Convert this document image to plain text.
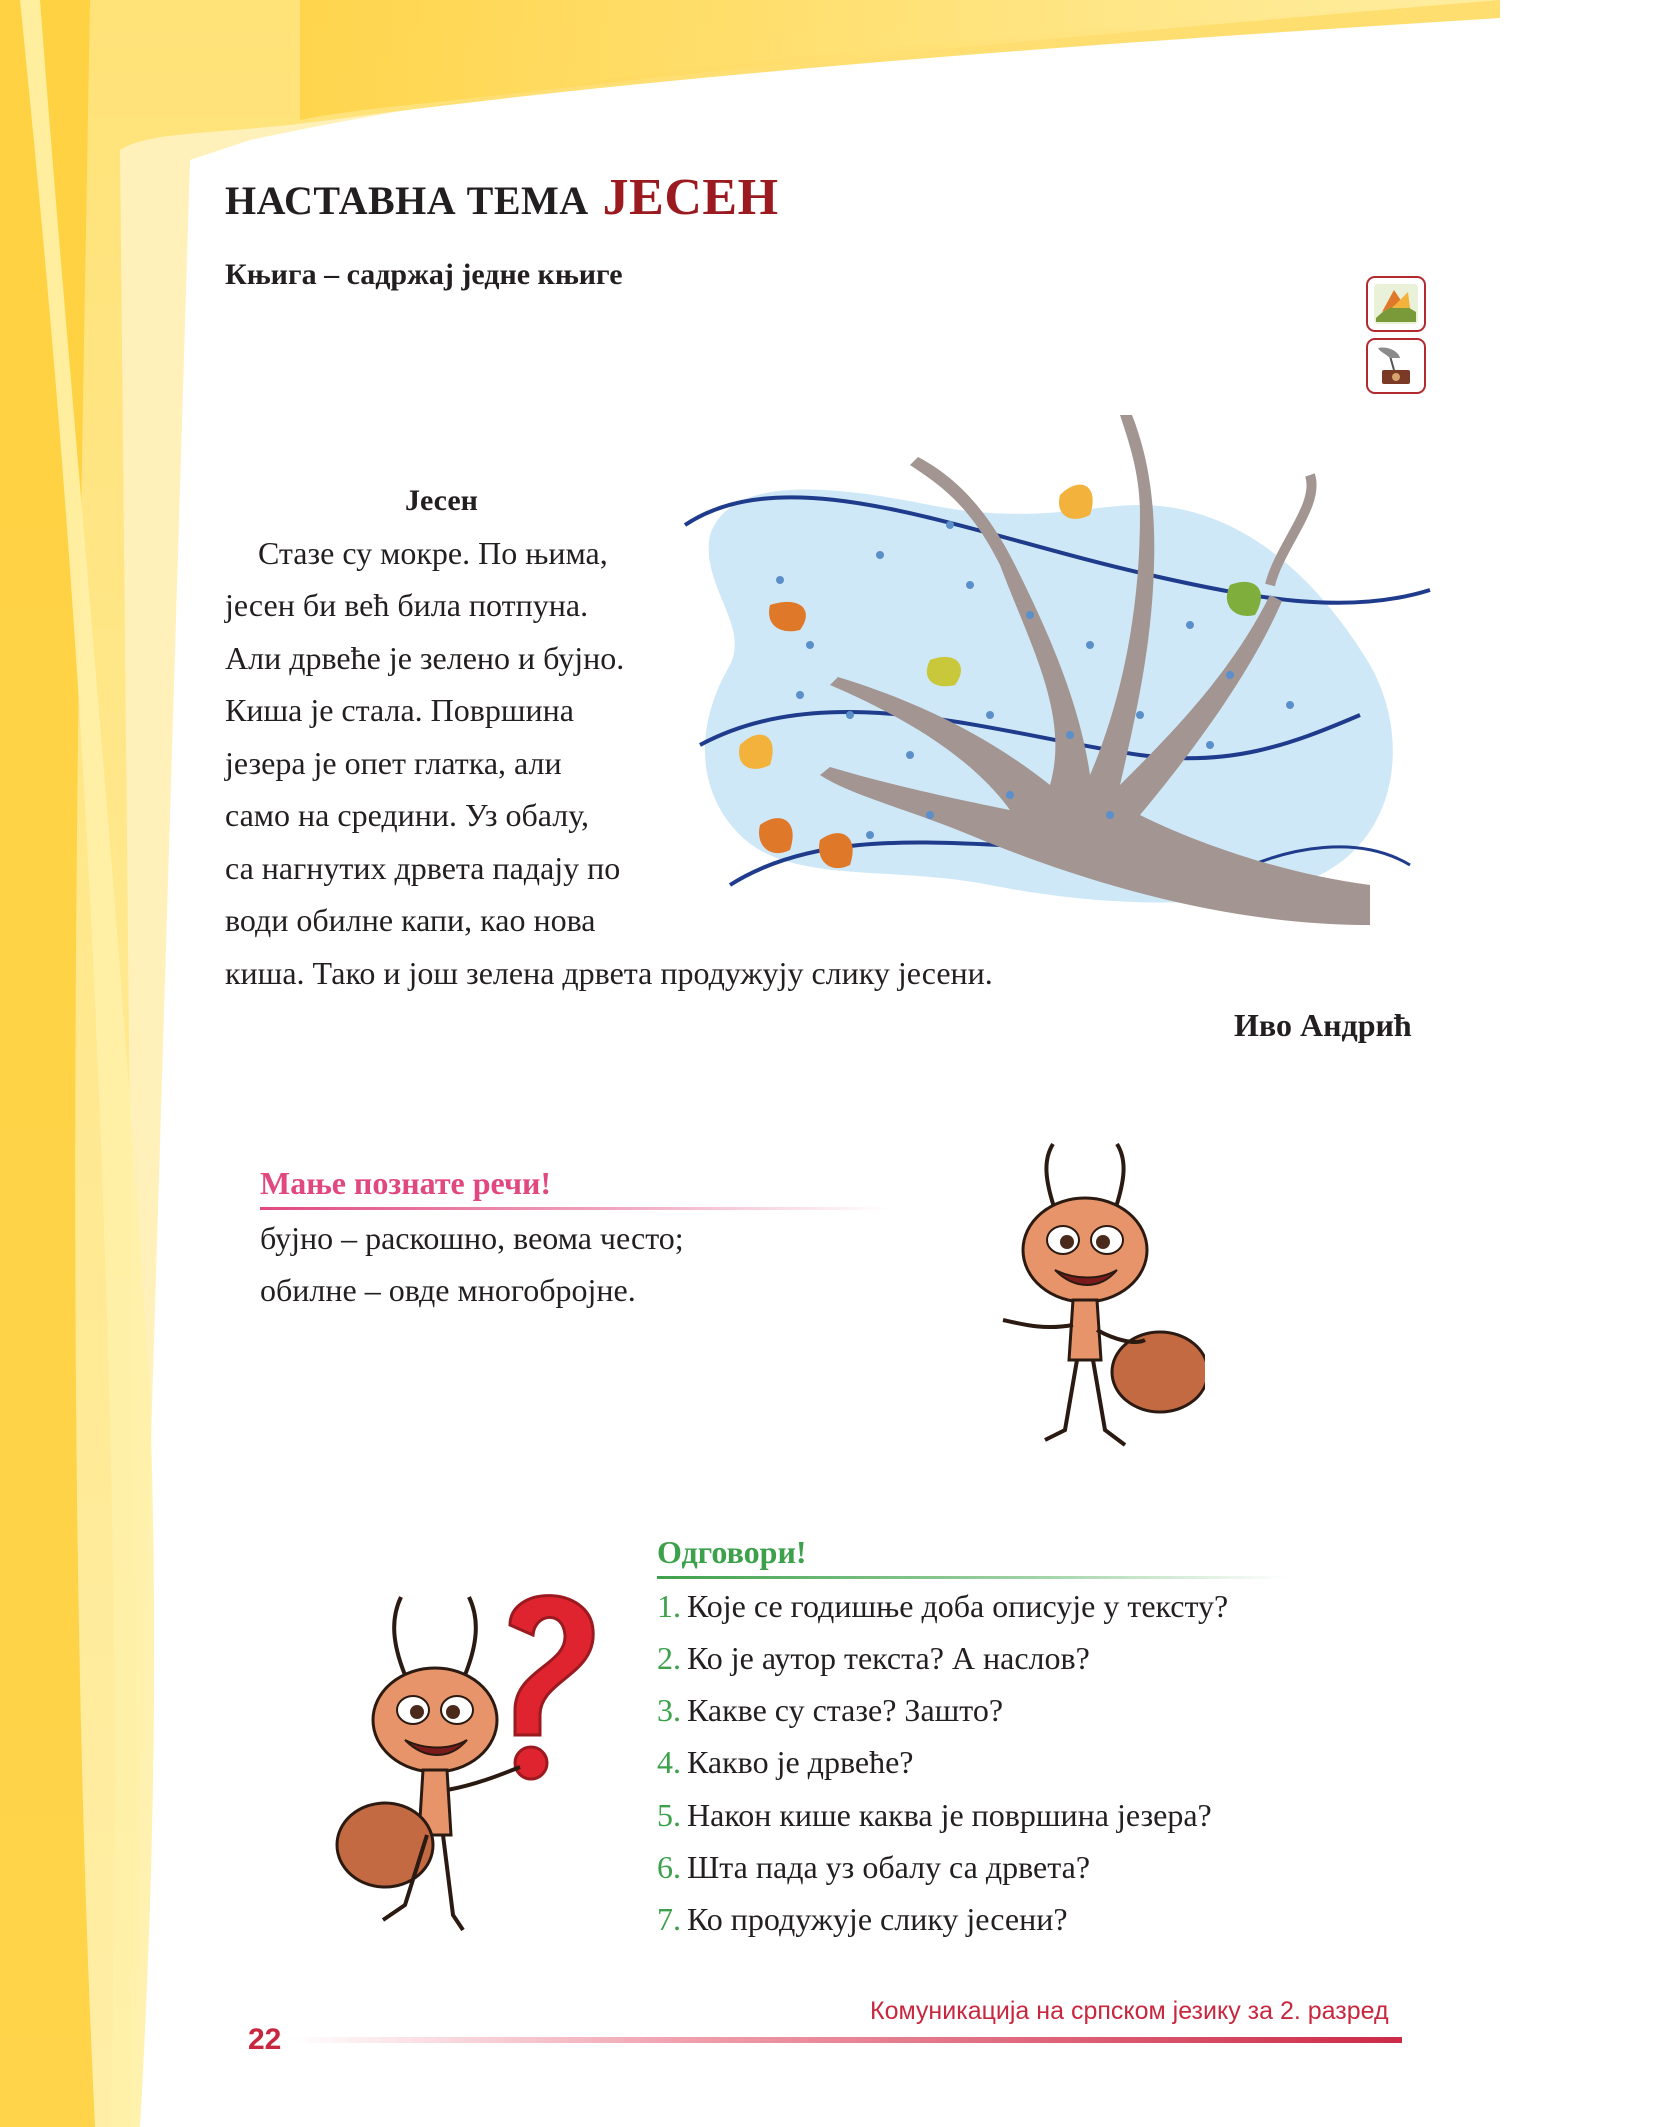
НАСТАВНА ТЕМА ЈЕСЕН
Књига – садржај једне књиге
Јесен
Стазе су мокре. По њима,
јесен би већ била потпуна.
Али дрвеће је зелено и бујно.
Киша је стала. Површина
језера је опет глатка, али
само на средини. Уз обалу,
са нагнутих дрвета падају по
води обилне капи, као нова
киша. Тако и још зелена дрвета продужују слику јесени.
Иво Андрић
Мање познате речи!
бујно – раскошно, веома често;
обилне – овде многобројне.
Одговори!
1. Које се годишње доба описује у тексту?
2. Ко је аутор текста? А наслов?
3. Какве су стазе? Зашто?
4. Какво је дрвеће?
5. Након кише каква је површина језера?
6. Шта пада уз обалу са дрвета?
7. Ко продужује слику јесени?
Комуникација на српском језику за 2. разред
22
